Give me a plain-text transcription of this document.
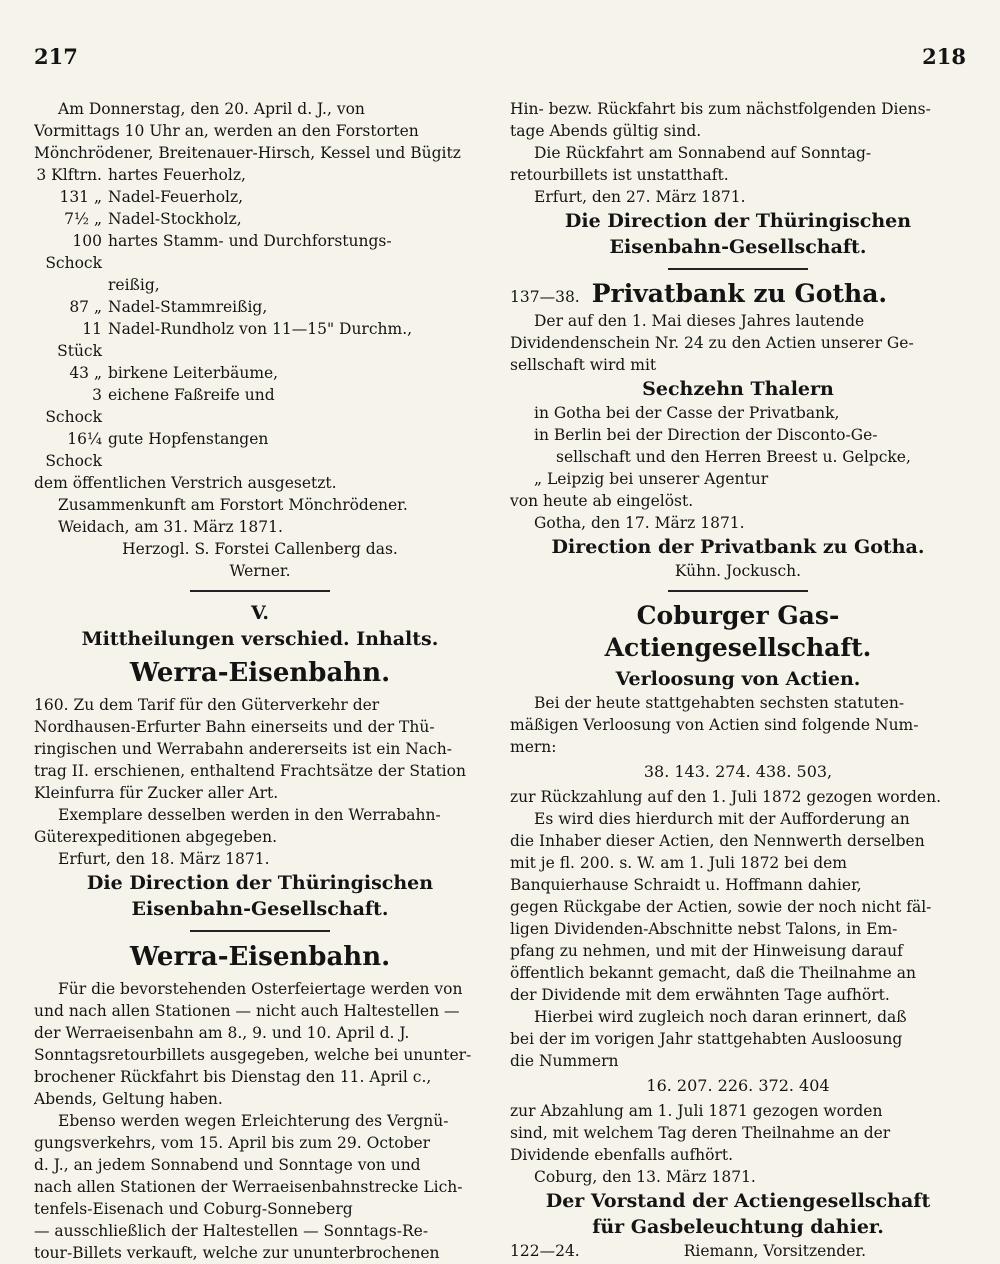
217	218

Am Donnerstag, den 20. April d. J., von

Vormittags 10 Uhr an, werden an den Forstorten

Mönchrödener, Breitenauer-Hirsch, Kessel und Bügitz

3 Klftrn. hartes Feuerholz,
131 „ Nadel-Feuerholz,
7½ „ Nadel-Stockholz,
100 Schock
hartes Stamm- und Durchforstungs-
reißig,
87 „ Nadel-Stammreißig,
11 Stück
Nadel-Rundholz von 11—15" Durchm.,
43 „ birkene Leiterbäume,
3 Schock
eichene Faßreife und
16¼ Schock
gute Hopfenstangen

dem öffentlichen Verstrich ausgesetzt.

Zusammenkunft am Forstort Mönchrödener.

Weidach, am 31. März 1871.

Herzogl. S. Forstei Callenberg das.

Werner.

V.

Mittheilungen verschied. Inhalts.

Werra-Eisenbahn.

160. Zu dem Tarif für den Güterverkehr der

Nordhausen-Erfurter Bahn einerseits und der Thü-

ringischen und Werrabahn andererseits ist ein Nach-

trag II. erschienen, enthaltend Frachtsätze der Station

Kleinfurra für Zucker aller Art.

Exemplare desselben werden in den Werrabahn-

Güterexpeditionen abgegeben.

Erfurt, den 18. März 1871.

Die Direction der Thüringischen

Eisenbahn-Gesellschaft.

Werra-Eisenbahn.

Für die bevorstehenden Osterfeiertage werden von

und nach allen Stationen — nicht auch Haltestellen —

der Werraeisenbahn am 8., 9. und 10. April d. J.

Sonntagsretourbillets ausgegeben, welche bei ununter-

brochener Rückfahrt bis Dienstag den 11. April c.,

Abends, Geltung haben.

Ebenso werden wegen Erleichterung des Vergnü-

gungsverkehrs, vom 15. April bis zum 29. October

d. J., an jedem Sonnabend und Sonntage von und

nach allen Stationen der Werraeisenbahnstrecke Lich-

tenfels-Eisenach und Coburg-Sonneberg

— ausschließlich der Haltestellen — Sonntags-Re-

tour-Billets verkauft, welche zur ununterbrochenen

Hin- bezw. Rückfahrt bis zum nächstfolgenden Diens-

tage Abends gültig sind.

Die Rückfahrt am Sonnabend auf Sonntag-

retourbillets ist unstatthaft.

Erfurt, den 27. März 1871.

Die Direction der Thüringischen

Eisenbahn-Gesellschaft.

137—38. Privatbank zu Gotha.

Der auf den 1. Mai dieses Jahres lautende

Dividendenschein Nr. 24 zu den Actien unserer Ge-

sellschaft wird mit

Sechzehn Thalern

in Gotha bei der Casse der Privatbank,

in Berlin bei der Direction der Disconto-Ge-

sellschaft und den Herren Breest u. Gelpcke,

„ Leipzig bei unserer Agentur

von heute ab eingelöst.

Gotha, den 17. März 1871.

Direction der Privatbank zu Gotha.

Kühn. Jockusch.

Coburger Gas-Actiengesellschaft.

Verloosung von Actien.

Bei der heute stattgehabten sechsten statuten-

mäßigen Verloosung von Actien sind folgende Num-

mern:

38. 143. 274. 438. 503,

zur Rückzahlung auf den 1. Juli 1872 gezogen worden.

Es wird dies hierdurch mit der Aufforderung an

die Inhaber dieser Actien, den Nennwerth derselben

mit je fl. 200. s. W. am 1. Juli 1872 bei dem

Banquierhause Schraidt u. Hoffmann dahier,

gegen Rückgabe der Actien, sowie der noch nicht fäl-

ligen Dividenden-Abschnitte nebst Talons, in Em-

pfang zu nehmen, und mit der Hinweisung darauf

öffentlich bekannt gemacht, daß die Theilnahme an

der Dividende mit dem erwähnten Tage aufhört.

Hierbei wird zugleich noch daran erinnert, daß

bei der im vorigen Jahr stattgehabten Ausloosung

die Nummern

16. 207. 226. 372. 404

zur Abzahlung am 1. Juli 1871 gezogen worden

sind, mit welchem Tag deren Theilnahme an der

Dividende ebenfalls aufhört.

Coburg, den 13. März 1871.

Der Vorstand der Actiengesellschaft

für Gasbeleuchtung dahier.

122—24.	Riemann, Vorsitzender.
